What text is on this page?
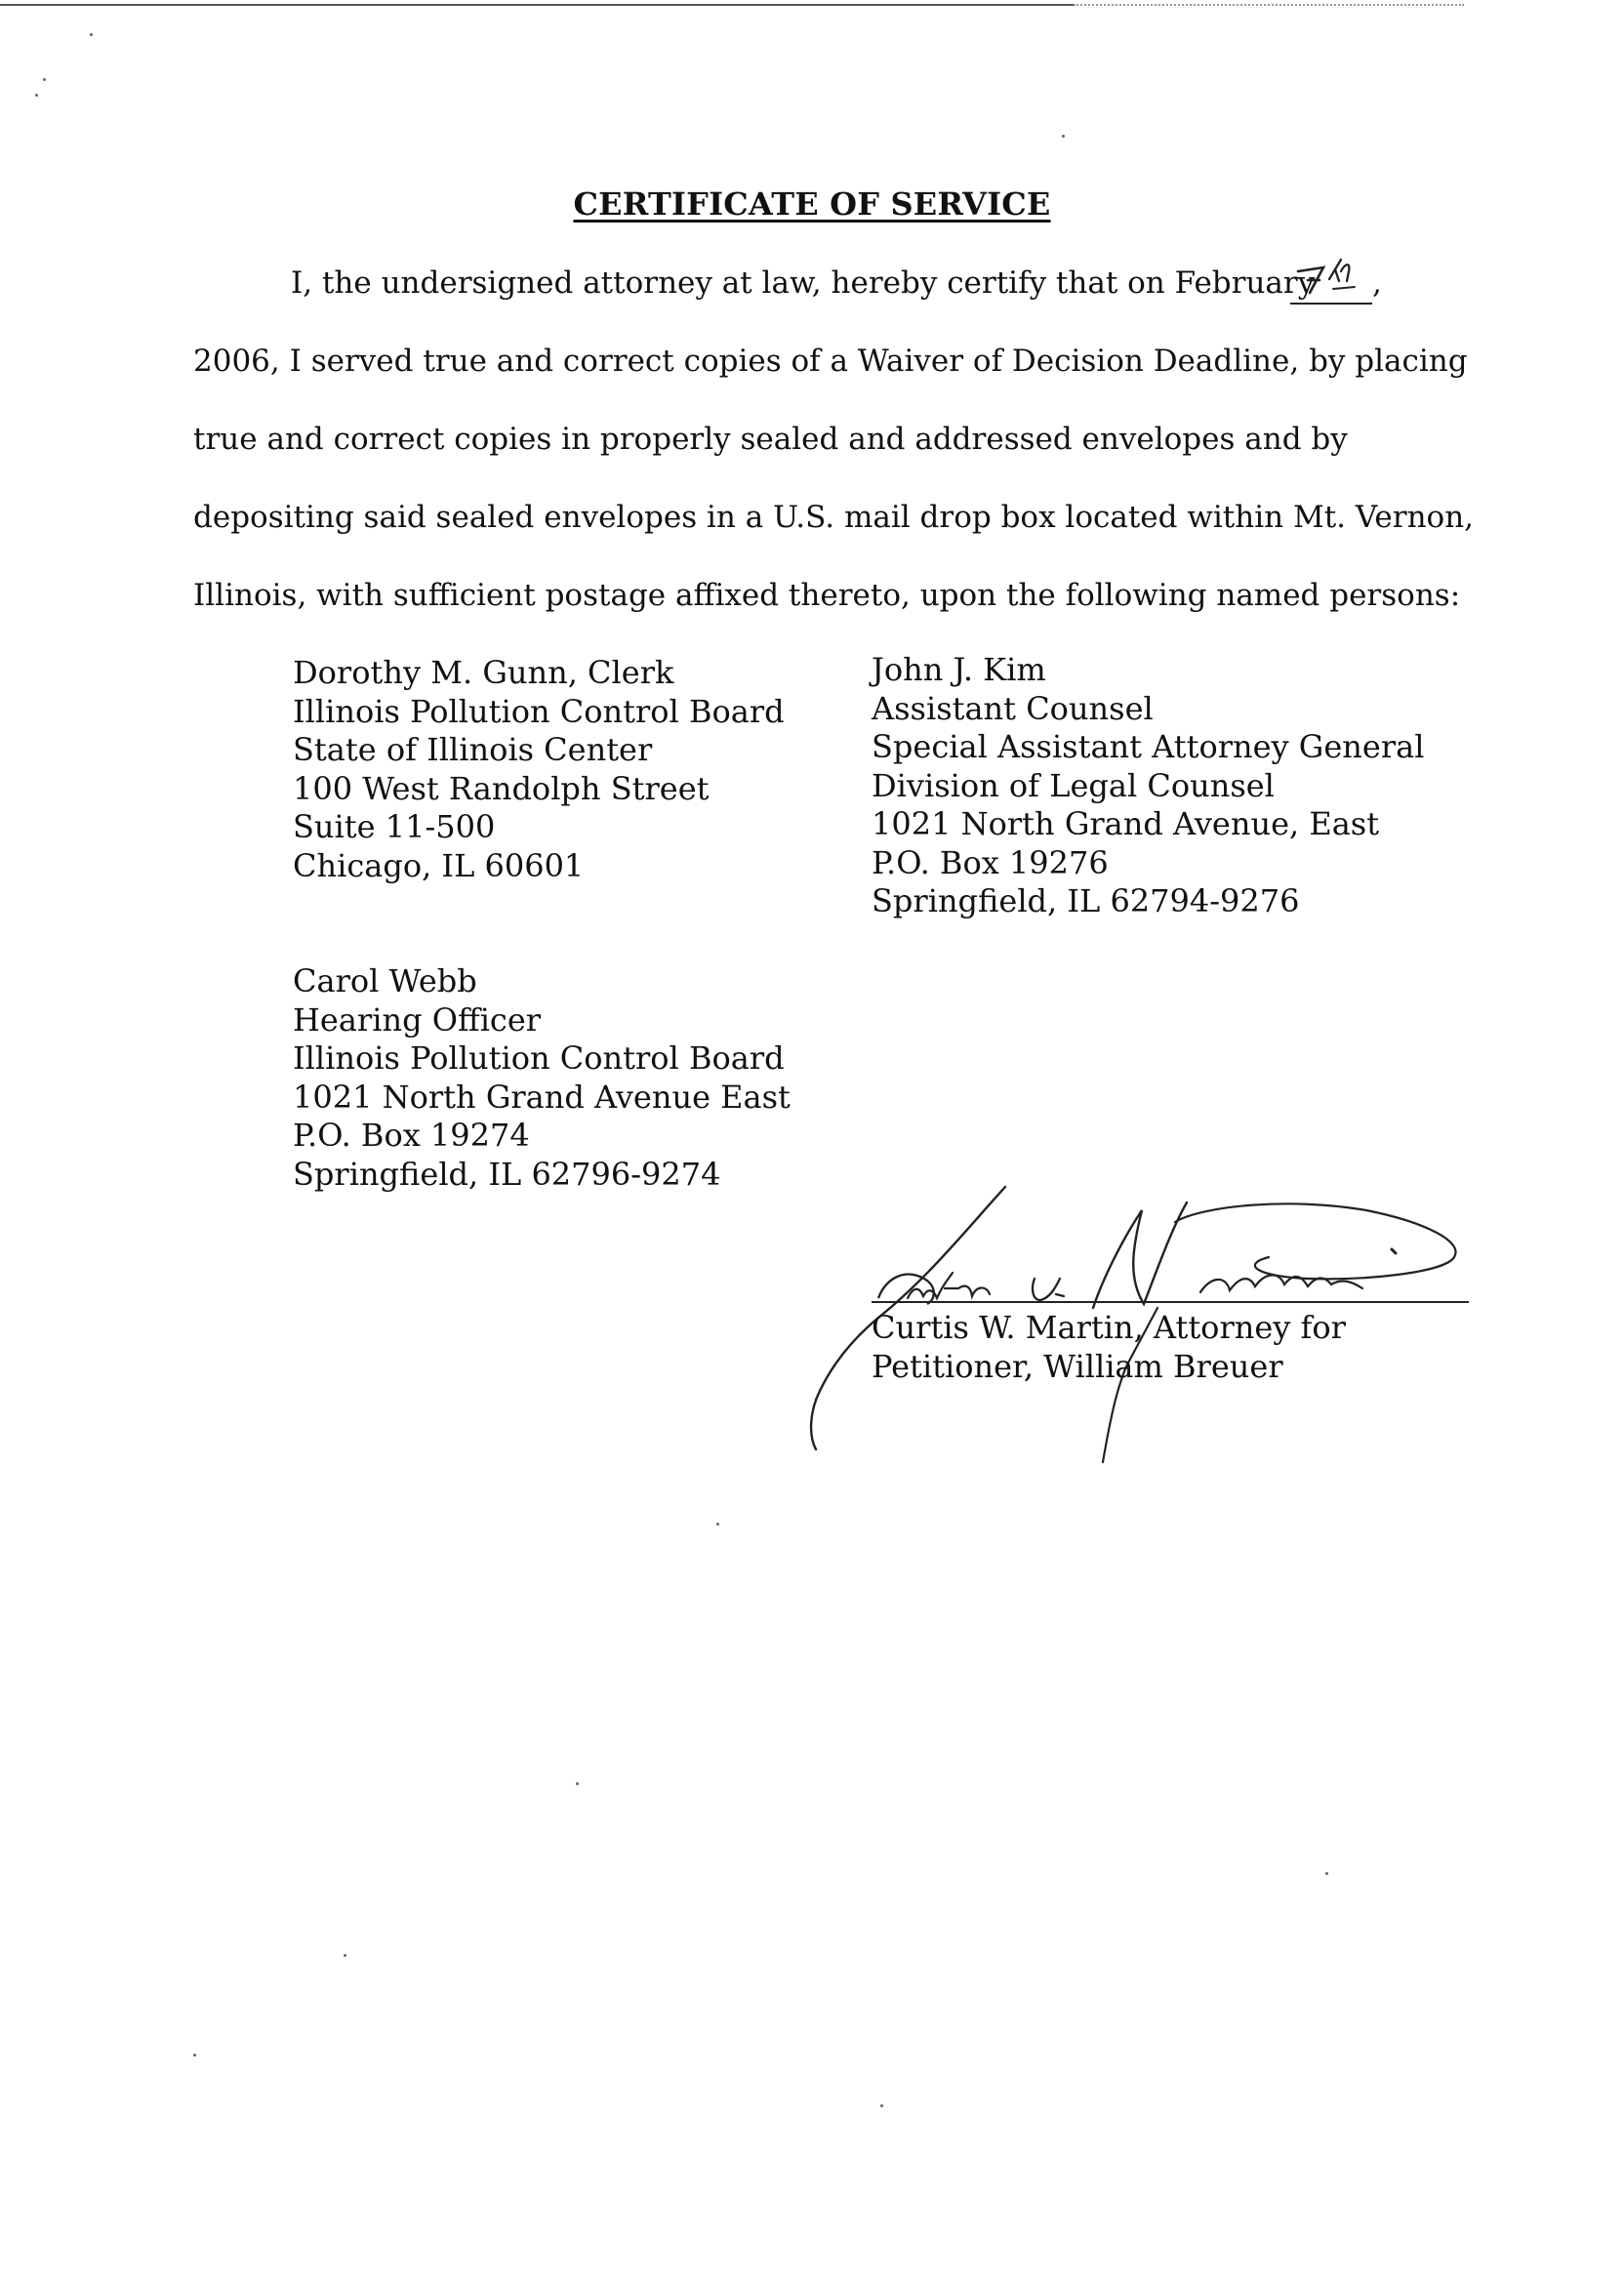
CERTIFICATE OF SERVICE
I, the undersigned attorney at law, hereby certify that on February ,
2006, I served true and correct copies of a Waiver of Decision Deadline, by placing
true and correct copies in properly sealed and addressed envelopes and by
depositing said sealed envelopes in a U.S. mail drop box located within Mt. Vernon,
Illinois, with sufficient postage affixed thereto, upon the following named persons:
Dorothy M. Gunn, Clerk
Illinois Pollution Control Board
State of Illinois Center
100 West Randolph Street
Suite 11-500
Chicago, IL 60601
John J. Kim
Assistant Counsel
Special Assistant Attorney General
Division of Legal Counsel
1021 North Grand Avenue, East
P.O. Box 19276
Springfield, IL 62794-9276
Carol Webb
Hearing Officer
Illinois Pollution Control Board
1021 North Grand Avenue East
P.O. Box 19274
Springfield, IL 62796-9274
Curtis W. Martin, Attorney for
Petitioner, William Breuer
